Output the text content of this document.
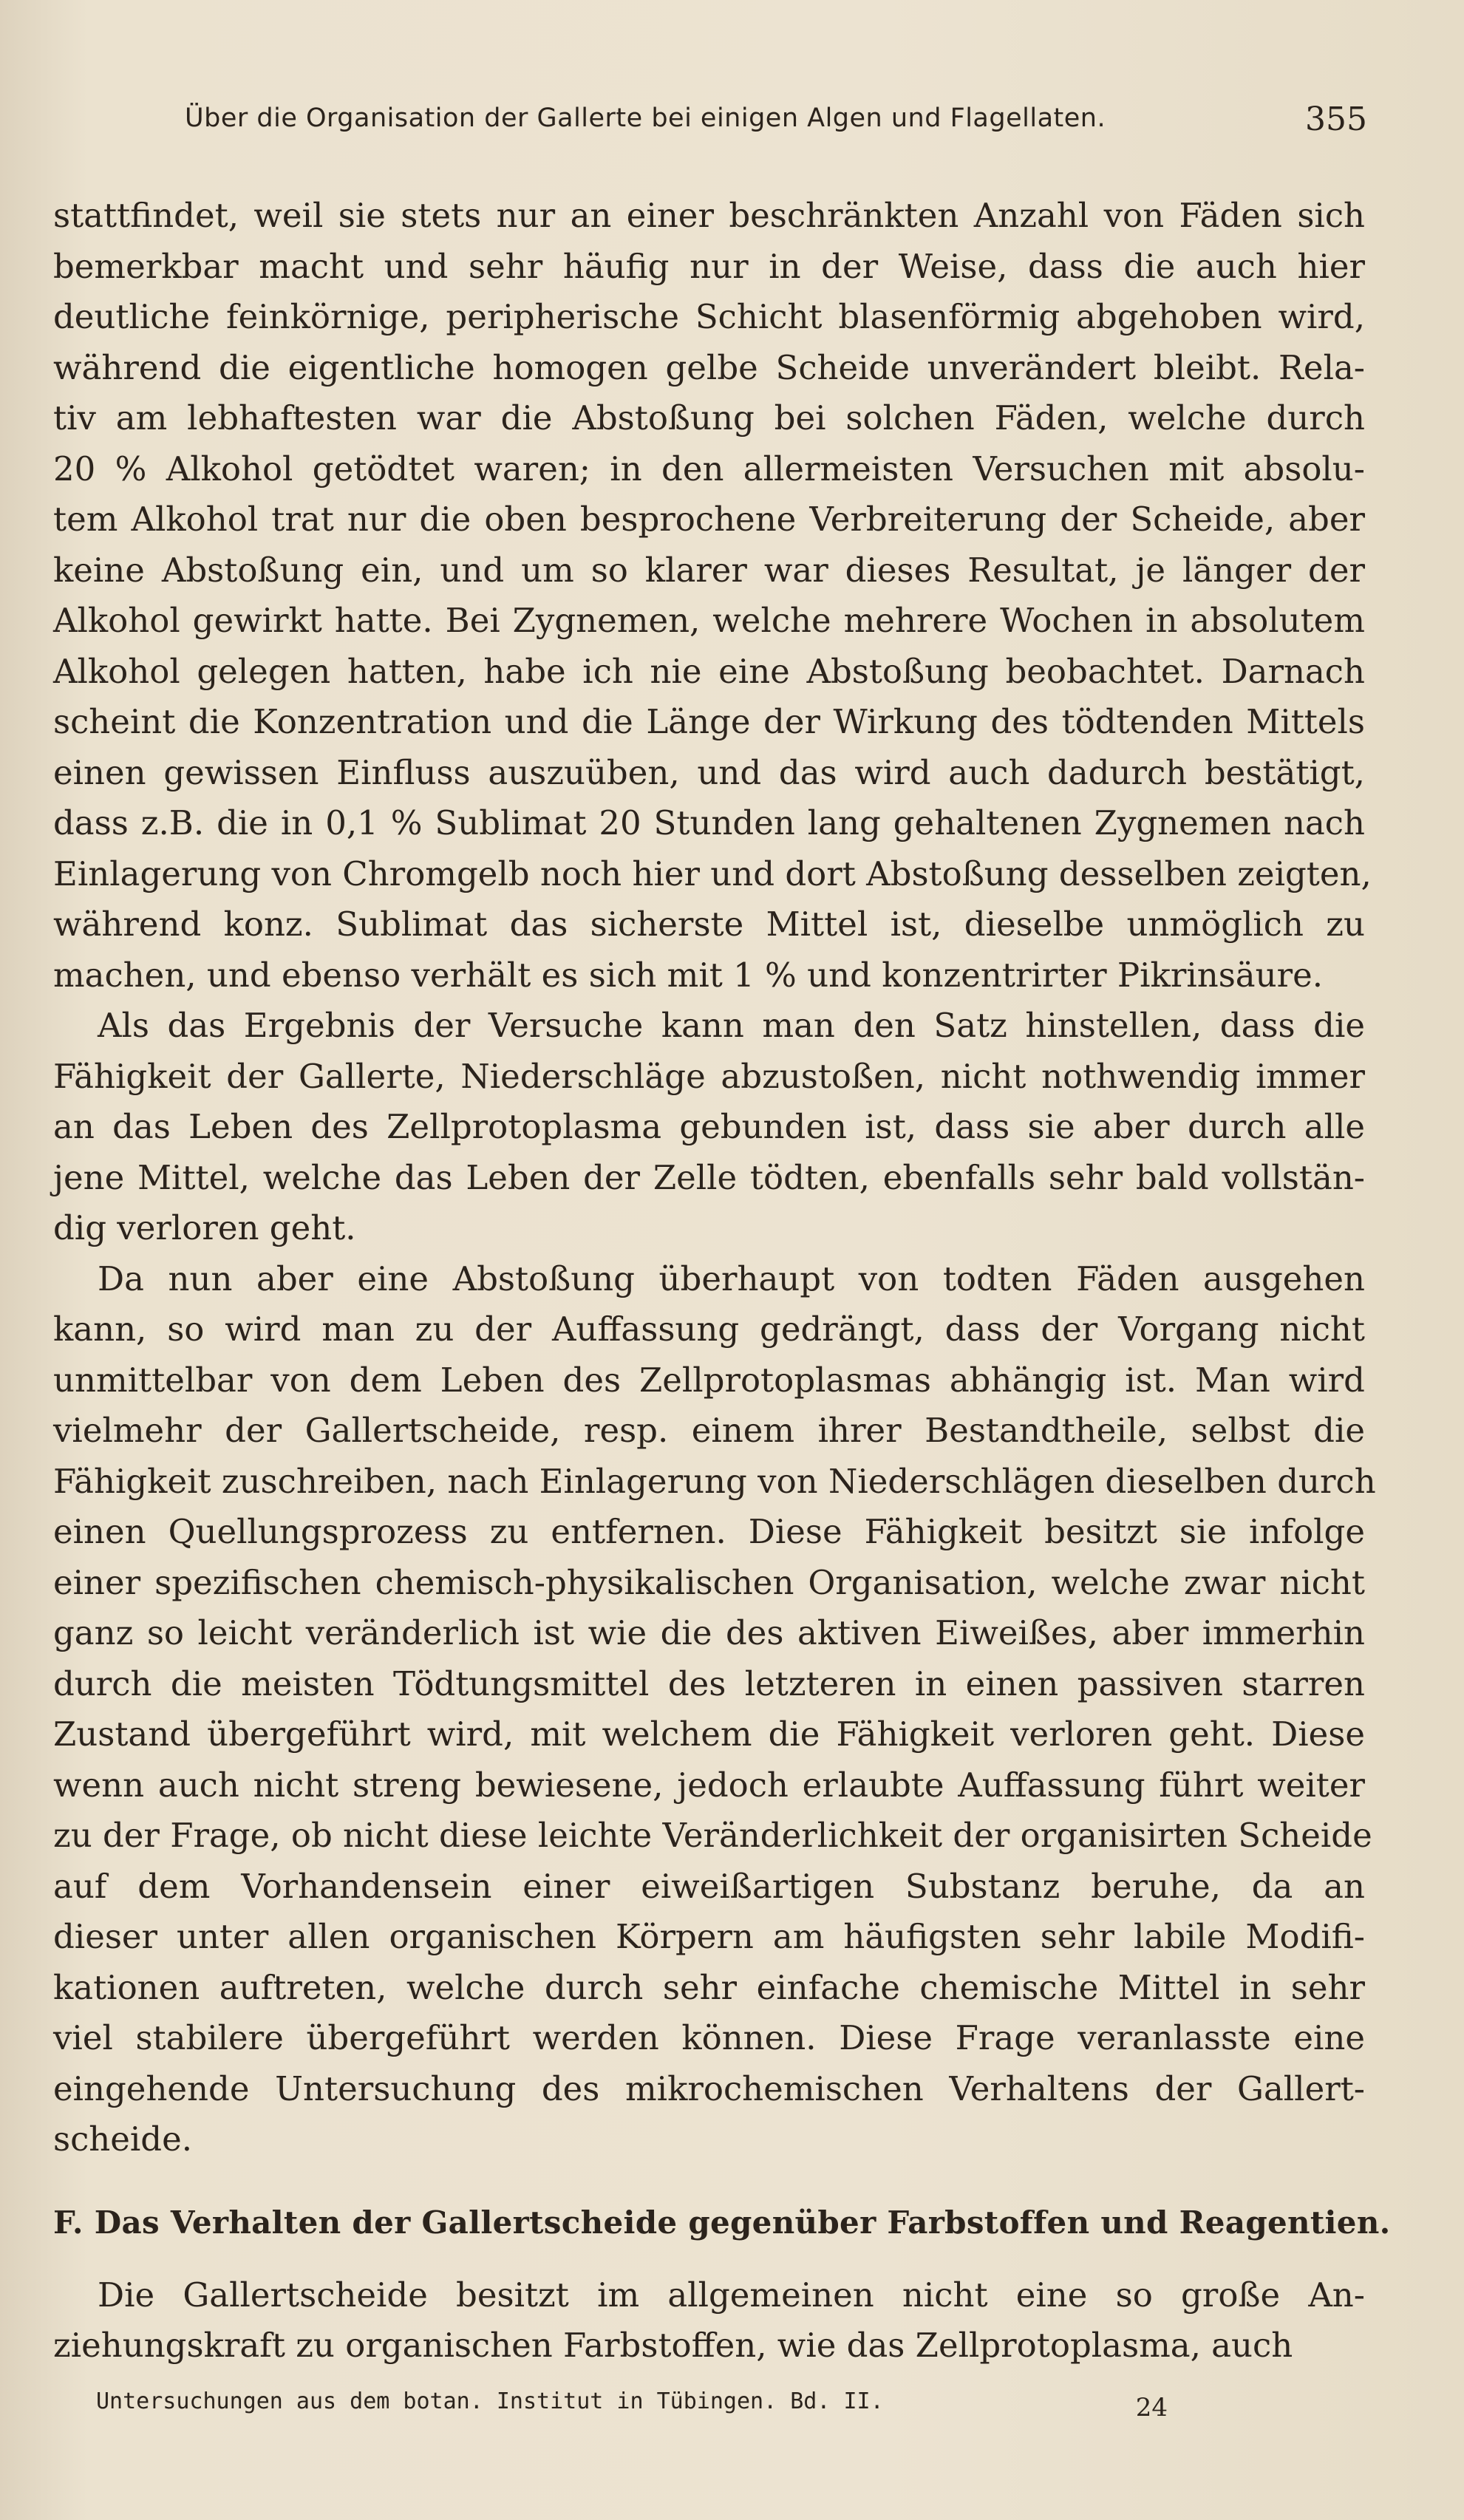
Über die Organisation der Gallerte bei einigen Algen und Flagellaten.	355
stattfindet, weil sie stets nur an einer beschränkten Anzahl von Fäden sich
bemerkbar macht und sehr häufig nur in der Weise, dass die auch hier
deutliche feinkörnige, peripherische Schicht blasenförmig abgehoben wird,
während die eigentliche homogen gelbe Scheide unverändert bleibt. Rela-
tiv am lebhaftesten war die Abstoßung bei solchen Fäden, welche durch
20 % Alkohol getödtet waren; in den allermeisten Versuchen mit absolu-
tem Alkohol trat nur die oben besprochene Verbreiterung der Scheide, aber
keine Abstoßung ein, und um so klarer war dieses Resultat, je länger der
Alkohol gewirkt hatte. Bei Zygnemen, welche mehrere Wochen in absolutem
Alkohol gelegen hatten, habe ich nie eine Abstoßung beobachtet. Darnach
scheint die Konzentration und die Länge der Wirkung des tödtenden Mittels
einen gewissen Einfluss auszuüben, und das wird auch dadurch bestätigt,
dass z.B. die in 0,1 % Sublimat 20 Stunden lang gehaltenen Zygnemen nach
Einlagerung von Chromgelb noch hier und dort Abstoßung desselben zeigten,
während konz. Sublimat das sicherste Mittel ist, dieselbe unmöglich zu
machen, und ebenso verhält es sich mit 1 % und konzentrirter Pikrinsäure.
Als das Ergebnis der Versuche kann man den Satz hinstellen, dass die
Fähigkeit der Gallerte, Niederschläge abzustoßen, nicht nothwendig immer
an das Leben des Zellprotoplasma gebunden ist, dass sie aber durch alle
jene Mittel, welche das Leben der Zelle tödten, ebenfalls sehr bald vollstän-
dig verloren geht.
Da nun aber eine Abstoßung überhaupt von todten Fäden ausgehen
kann, so wird man zu der Auffassung gedrängt, dass der Vorgang nicht
unmittelbar von dem Leben des Zellprotoplasmas abhängig ist. Man wird
vielmehr der Gallertscheide, resp. einem ihrer Bestandtheile, selbst die
Fähigkeit zuschreiben, nach Einlagerung von Niederschlägen dieselben durch
einen Quellungsprozess zu entfernen. Diese Fähigkeit besitzt sie infolge
einer spezifischen chemisch-physikalischen Organisation, welche zwar nicht
ganz so leicht veränderlich ist wie die des aktiven Eiweißes, aber immerhin
durch die meisten Tödtungsmittel des letzteren in einen passiven starren
Zustand übergeführt wird, mit welchem die Fähigkeit verloren geht. Diese
wenn auch nicht streng bewiesene, jedoch erlaubte Auffassung führt weiter
zu der Frage, ob nicht diese leichte Veränderlichkeit der organisirten Scheide
auf dem Vorhandensein einer eiweißartigen Substanz beruhe, da an
dieser unter allen organischen Körpern am häufigsten sehr labile Modifi-
kationen auftreten, welche durch sehr einfache chemische Mittel in sehr
viel stabilere übergeführt werden können. Diese Frage veranlasste eine
eingehende Untersuchung des mikrochemischen Verhaltens der Gallert-
scheide.
F. Das Verhalten der Gallertscheide gegenüber Farbstoffen und Reagentien.
Die Gallertscheide besitzt im allgemeinen nicht eine so große An-
ziehungskraft zu organischen Farbstoffen, wie das Zellprotoplasma, auch
Untersuchungen aus dem botan. Institut in Tübingen. Bd. II.	24
